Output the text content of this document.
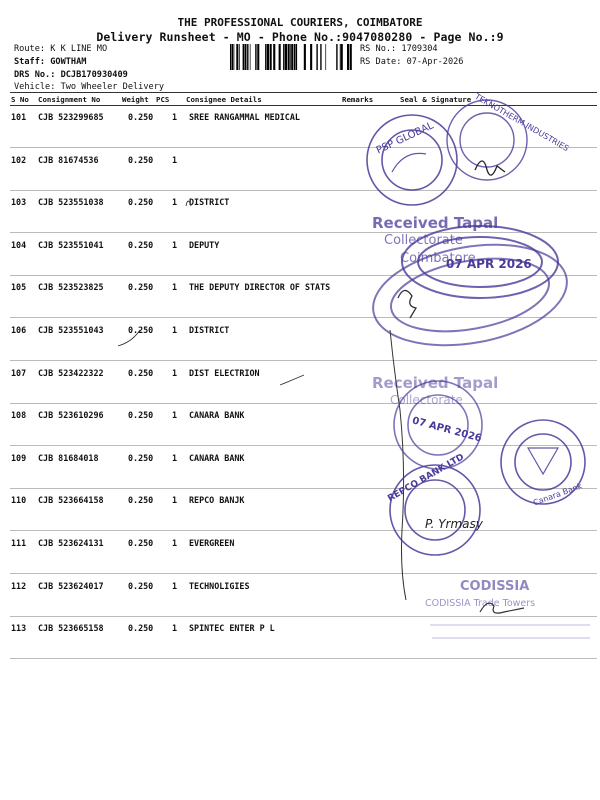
THE PROFESSIONAL COURIERS, COIMBATORE
Delivery Runsheet - MO - Phone No.:9047080280 - Page No.:9
Route: K K LINE MO
Staff: GOWTHAM
DRS No.: DCJB170930409
Vehicle: Two Wheeler Delivery
RS No.: 1709304
RS Date: 07-Apr-2026
S No Consignment No	Weight PCS Consignee Details	Remarks	Seal & Signature
101 CJB 523299685	0.250 1 SREE RANGAMMAL MEDICAL
102 CJB 81674536	0.250 1
103 CJB 523551038	0.250 1 DISTRICT
104 CJB 523551041	0.250 1 DEPUTY
105 CJB 523523825	0.250 1 THE DEPUTY DIRECTOR OF STATS
106 CJB 523551043	0.250 1 DISTRICT
107 CJB 523422322	0.250 1 DIST ELECTRION
108 CJB 523610296	0.250 1 CANARA BANK
109 CJB 81684018	0.250 1 CANARA BANK
110 CJB 523664158	0.250 1 REPCO BANJK
111 CJB 523624131	0.250 1 EVERGREEN
112 CJB 523624017	0.250 1 TECHNOLIGIES
113 CJB 523665158	0.250 1 SPINTEC ENTER P L
PSP GLOBAL	TEKNOTHERM INDUSTRIES
Received Tapal
Collectorate
Coimbatore
07 APR 2026
Received Tapal
Collectorate
07 APR 2026
Canara Bank
REPCO BANK LTD
P. Yrmasy
CODISSIA
CODISSIA Trade Towers
